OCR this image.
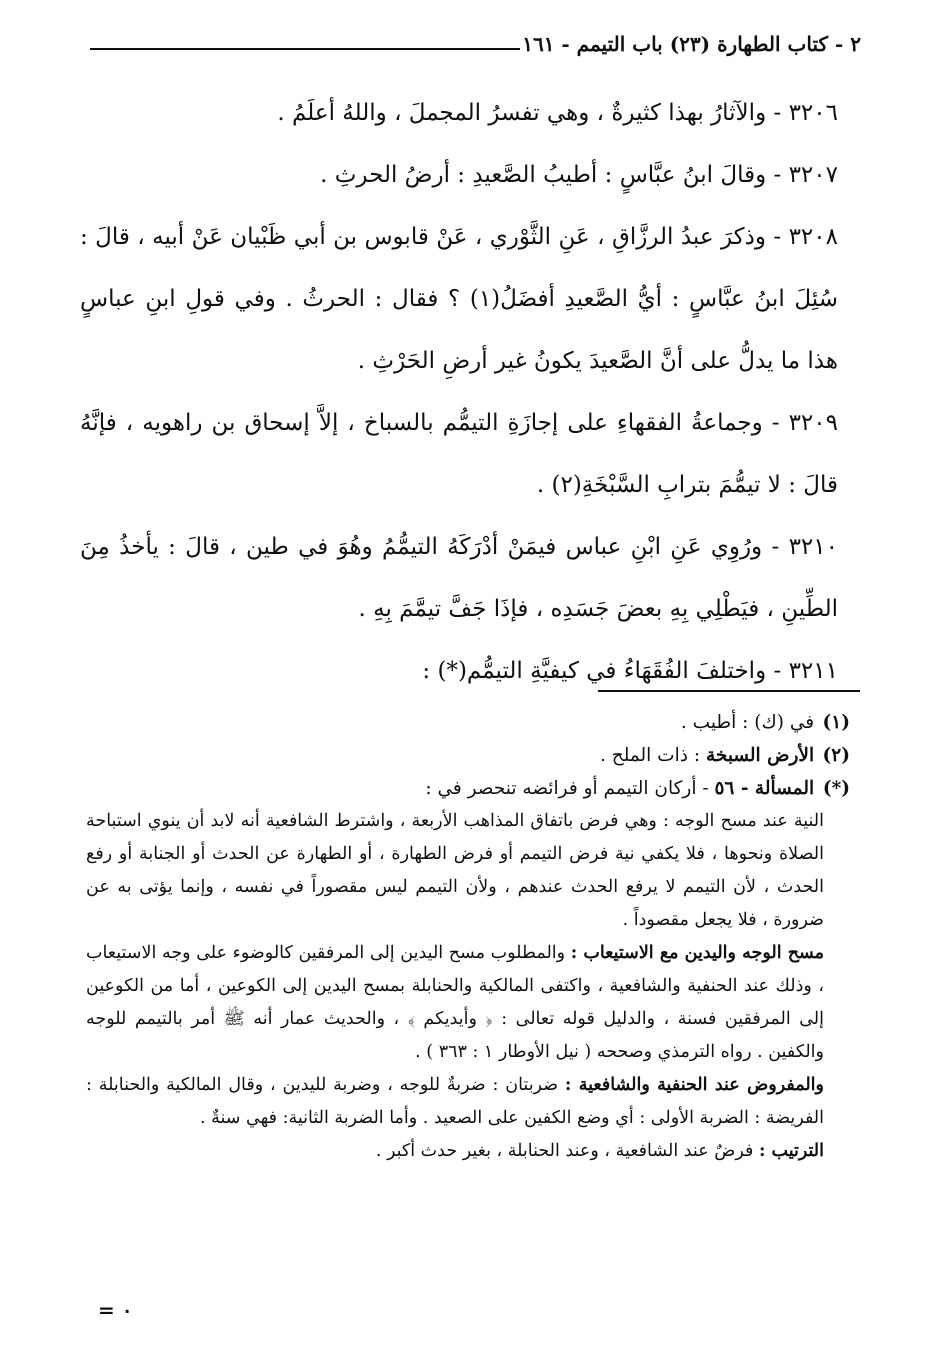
٢ - كتاب الطهارة (٢٣) باب التيمم - ١٦١

٣٢٠٦ - والآثارُ بهذا كثيرةٌ ، وهي تفسرُ المجملَ ، واللهُ أعلَمُ .

٣٢٠٧ - وقالَ ابنُ عبَّاسٍ : أطيبُ الصَّعيدِ : أرضُ الحرثِ .

٣٢٠٨ - وذكرَ عبدُ الرزَّاقِ ، عَنِ الثَّوْري ، عَنْ قابوس بن أبي ظَبْيان عَنْ أبيه ، قالَ : سُئِلَ ابنُ عبَّاسٍ : أيُّ الصَّعيدِ أفضَلُ(١) ؟ فقال : الحرثُ . وفي قولِ ابنِ عباسٍ هذا ما يدلُّ على أنَّ الصَّعيدَ يكونُ غير أرضِ الحَرْثِ .

٣٢٠٩ - وجماعةُ الفقهاءِ على إجازَةِ التيمُّم بالسباخ ، إلاَّ إسحاق بن راهويه ، فإنَّهُ قالَ : لا تيمُّمَ بترابِ السَّبْخَةِ(٢) .

٣٢١٠ - ورُوِي عَنِ ابْنِ عباس فيمَنْ أدْرَكَهُ التيمُّمُ وهُوَ في طين ، قالَ : يأخذُ مِنَ الطِّينِ ، فيَطْلِي بِهِ بعضَ جَسَدِه ، فإذَا جَفَّ تيمَّمَ بِهِ .

٣٢١١ - واختلفَ الفُقَهَاءُ في كيفيَّةِ التيمُّم(*) :

(١) في (ك) : أطيب .

(٢) الأرض السبخة : ذات الملح .

(*) المسألة - ٥٦ - أركان التيمم أو فرائضه تنحصر في :

النية عند مسح الوجه : وهي فرض باتفاق المذاهب الأربعة ، واشترط الشافعية أنه لابد أن ينوي استباحة الصلاة ونحوها ، فلا يكفي نية فرض التيمم أو فرض الطهارة ، أو الطهارة عن الحدث أو الجنابة أو رفع الحدث ، لأن التيمم لا يرفع الحدث عندهم ، ولأن التيمم ليس مقصوراً في نفسه ، وإنما يؤتى به عن ضرورة ، فلا يجعل مقصوداً .

مسح الوجه واليدين مع الاستيعاب : والمطلوب مسح اليدين إلى المرفقين كالوضوء على وجه الاستيعاب ، وذلك عند الحنفية والشافعية ، واكتفى المالكية والحنابلة بمسح اليدين إلى الكوعين ، أما من الكوعين إلى المرفقين فسنة ، والدليل قوله تعالى : ﴿ وأيديكم ﴾ ، والحديث عمار أنه ﷺ أمر بالتيمم للوجه والكفين . رواه الترمذي وصححه ( نيل الأوطار ١ : ٣٦٣ ) .

والمفروض عند الحنفية والشافعية : ضربتان : ضربةٌ للوجه ، وضربة لليدين ، وقال المالكية والحنابلة : الفريضة : الضربة الأولى : أي وضع الكفين على الصعيد . وأما الضربة الثانية: فهي سنةٌ .

الترتيب : فرضٌ عند الشافعية ، وعند الحنابلة ، بغير حدث أكبر .

= ٠
